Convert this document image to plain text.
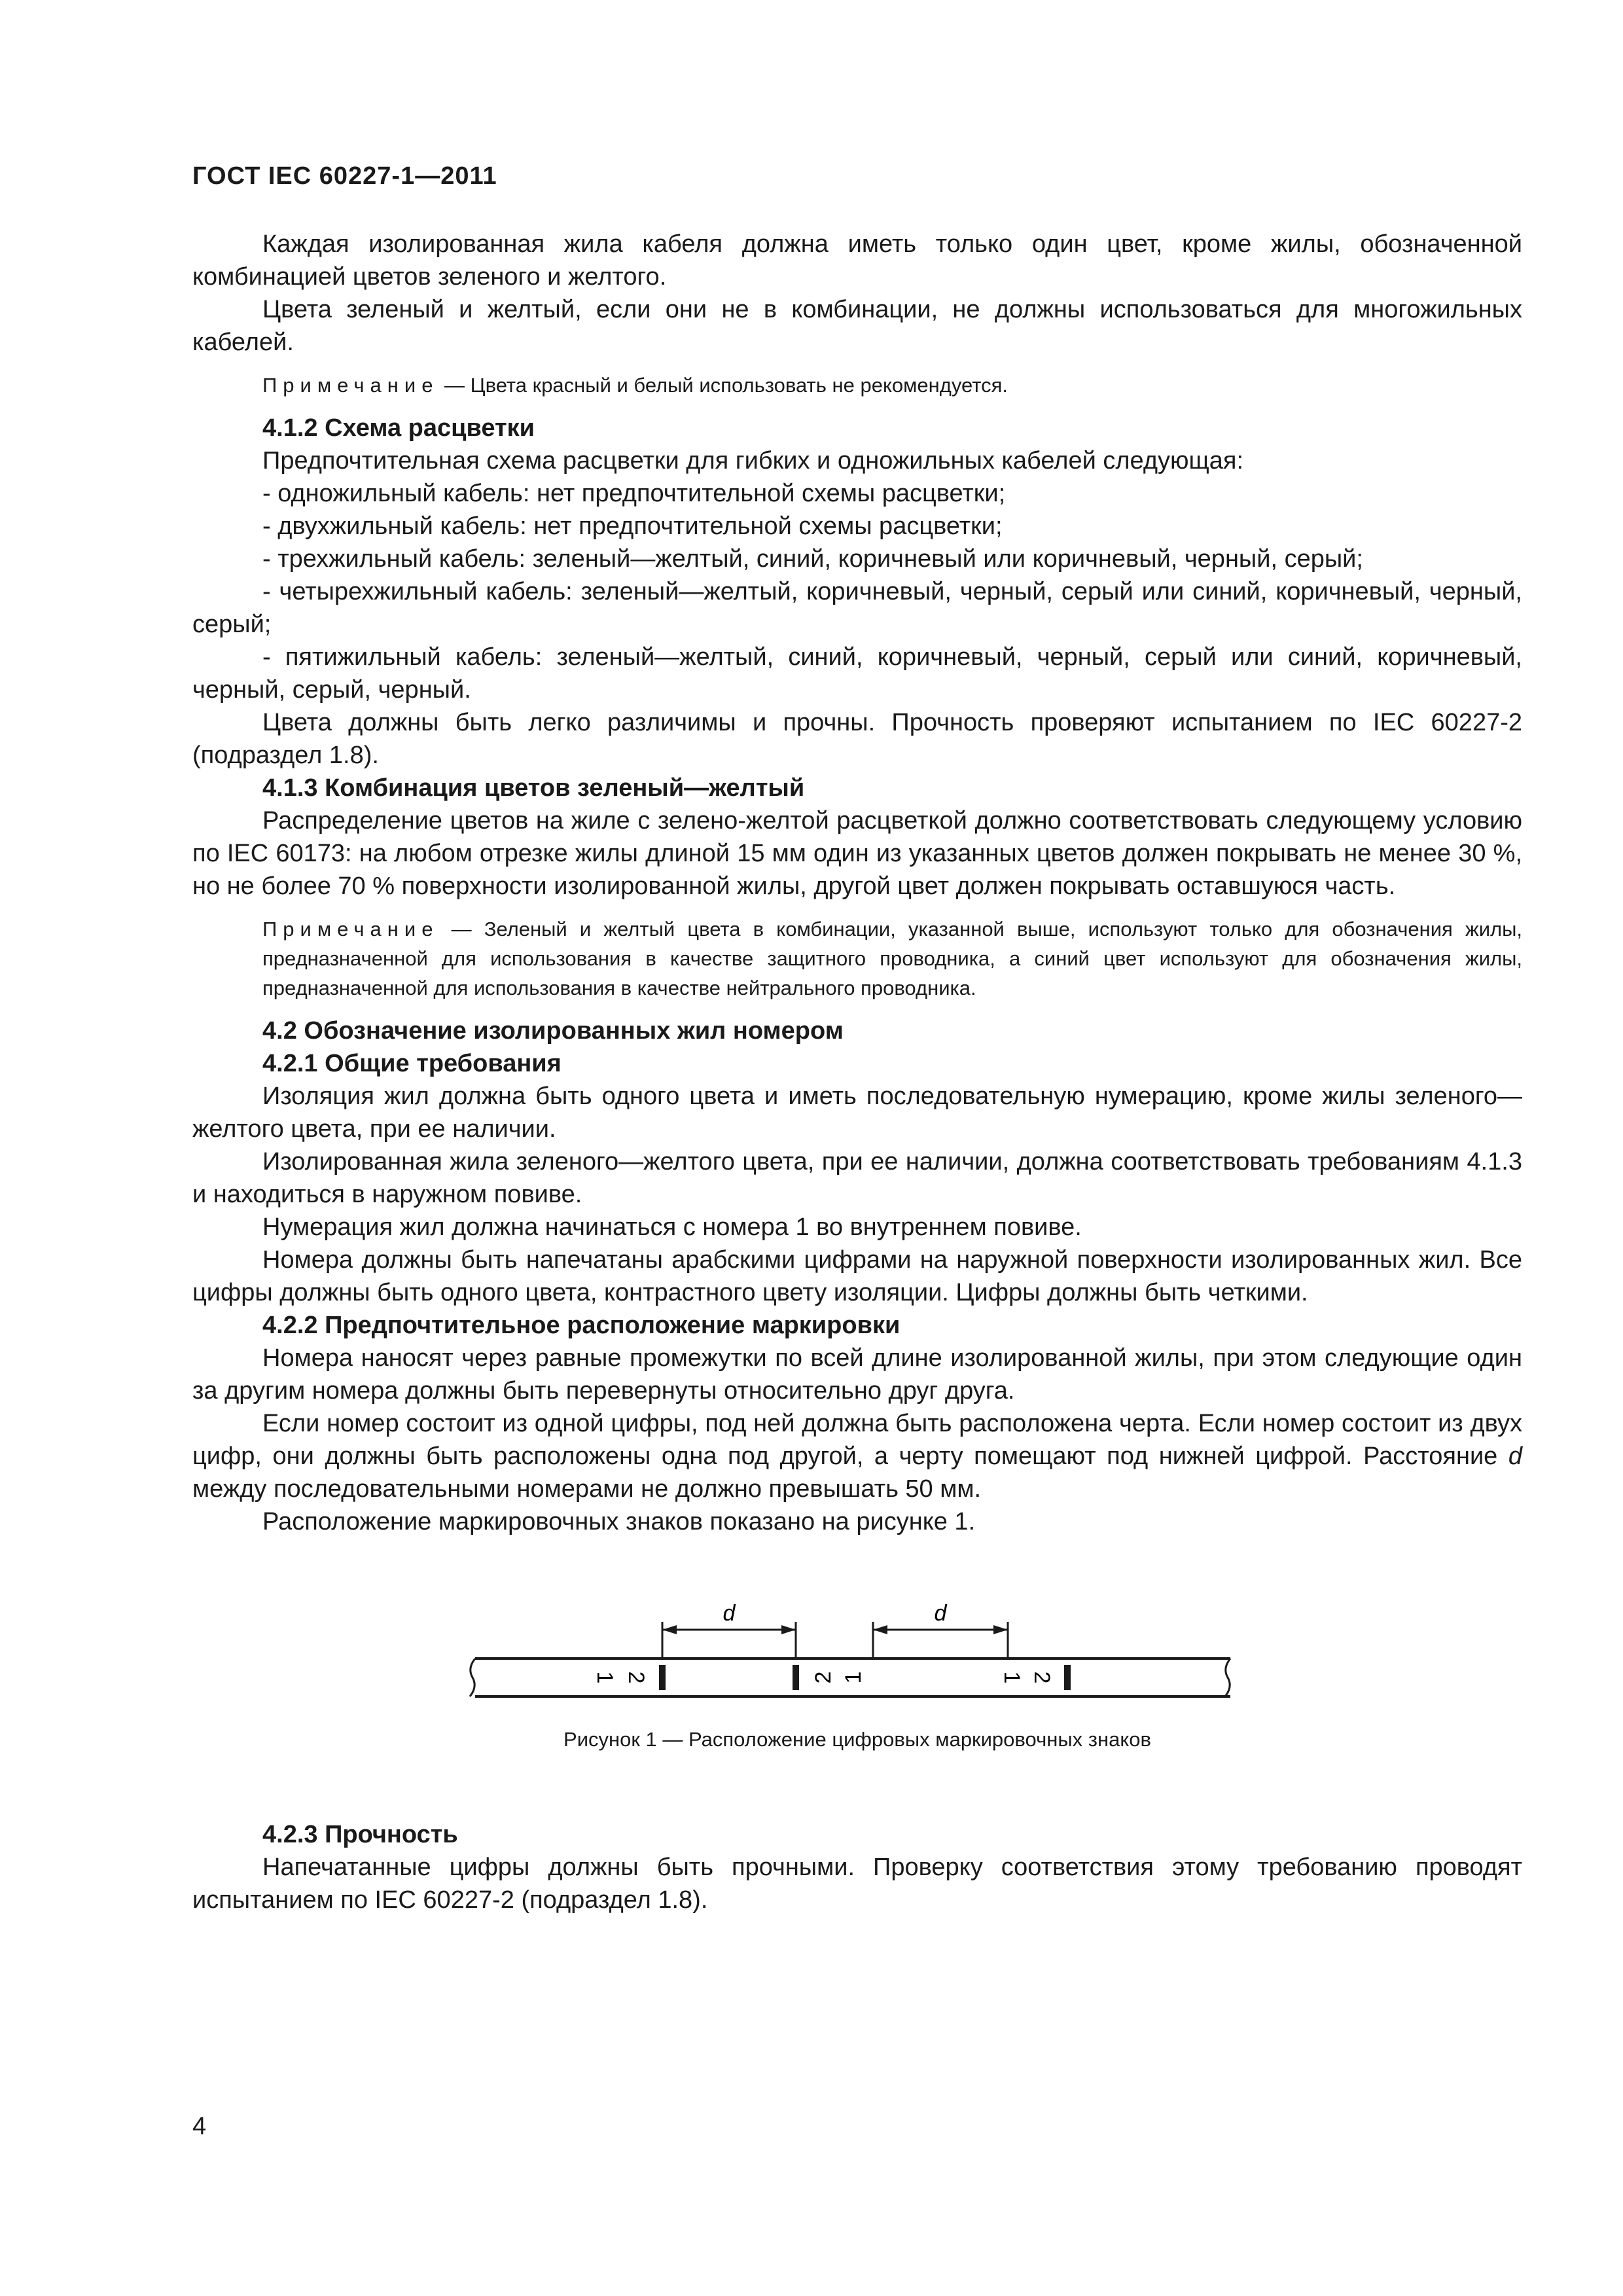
ГОСТ IEC 60227-1—2011

Каждая изолированная жила кабеля должна иметь только один цвет, кроме жилы, обозначенной комбинацией цветов зеленого и желтого.

Цвета зеленый и желтый, если они не в комбинации, не должны использоваться для многожильных кабелей.

Примечание — Цвета красный и белый использовать не рекомендуется.

4.1.2 Схема расцветки

Предпочтительная схема расцветки для гибких и одножильных кабелей следующая:

- одножильный кабель: нет предпочтительной схемы расцветки;

- двухжильный кабель: нет предпочтительной схемы расцветки;

- трехжильный кабель: зеленый—желтый, синий, коричневый или коричневый, черный, серый;

- четырехжильный кабель: зеленый—желтый, коричневый, черный, серый или синий, коричневый, черный, серый;

- пятижильный кабель: зеленый—желтый, синий, коричневый, черный, серый или синий, коричневый, черный, серый, черный.

Цвета должны быть легко различимы и прочны. Прочность проверяют испытанием по IEC 60227-2 (подраздел 1.8).

4.1.3 Комбинация цветов зеленый—желтый

Распределение цветов на жиле с зелено-желтой расцветкой должно соответствовать следующему условию по IEC 60173: на любом отрезке жилы длиной 15 мм один из указанных цветов должен покрывать не менее 30 %, но не более 70 % поверхности изолированной жилы, другой цвет должен покрывать оставшуюся часть.

Примечание — Зеленый и желтый цвета в комбинации, указанной выше, используют только для обозначения жилы, предназначенной для использования в качестве защитного проводника, а синий цвет используют для обозначения жилы, предназначенной для использования в качестве нейтрального проводника.

4.2 Обозначение изолированных жил номером

4.2.1 Общие требования

Изоляция жил должна быть одного цвета и иметь последовательную нумерацию, кроме жилы зеленого—желтого цвета, при ее наличии.

Изолированная жила зеленого—желтого цвета, при ее наличии, должна соответствовать требованиям 4.1.3 и находиться в наружном повиве.

Нумерация жил должна начинаться с номера 1 во внутреннем повиве.

Номера должны быть напечатаны арабскими цифрами на наружной поверхности изолированных жил. Все цифры должны быть одного цвета, контрастного цвету изоляции. Цифры должны быть четкими.

4.2.2 Предпочтительное расположение маркировки

Номера наносят через равные промежутки по всей длине изолированной жилы, при этом следующие один за другим номера должны быть перевернуты относительно друг друга.

Если номер состоит из одной цифры, под ней должна быть расположена черта. Если номер состоит из двух цифр, они должны быть расположены одна под другой, а черту помещают под нижней цифрой. Расстояние d между последовательными номерами не должно превышать 50 мм.

Расположение маркировочных знаков показано на рисунке 1.

d	d
1 2	2 1	1 2
Рисунок 1 — Расположение цифровых маркировочных знаков

4.2.3 Прочность

Напечатанные цифры должны быть прочными. Проверку соответствия этому требованию проводят испытанием по IEC 60227-2 (подраздел 1.8).

4
